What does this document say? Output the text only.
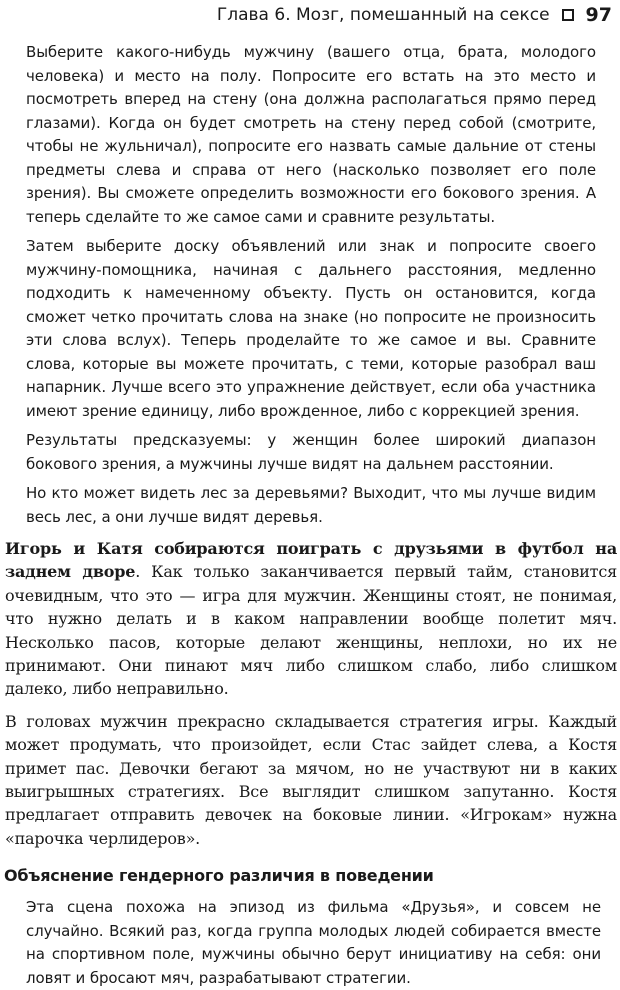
Глава 6. Мозг, помешанный на сексе 97

Выберите какого-нибудь мужчину (вашего отца, брата, молодого человека) и место на полу. Попросите его встать на это место и посмотреть вперед на стену (она должна располагаться прямо перед глазами). Когда он будет смотреть на стену перед собой (смотрите, чтобы не жульничал), попросите его назвать самые дальние от стены предметы слева и справа от него (насколько позволяет его поле зрения). Вы сможете определить возможности его бокового зрения. А теперь сделайте то же самое сами и сравните результаты.

Затем выберите доску объявлений или знак и попросите своего мужчину-помощника, начиная с дальнего расстояния, медленно подходить к намеченному объекту. Пусть он остановится, когда сможет четко прочитать слова на знаке (но попросите не произносить эти слова вслух). Теперь проделайте то же самое и вы. Сравните слова, которые вы можете прочитать, с теми, которые разобрал ваш напарник. Лучше всего это упражнение действует, если оба участника имеют зрение единицу, либо врожденное, либо с коррекцией зрения.

Результаты предсказуемы: у женщин более широкий диапазон бокового зрения, а мужчины лучше видят на дальнем расстоянии.

Но кто может видеть лес за деревьями? Выходит, что мы лучше видим весь лес, а они лучше видят деревья.

Игорь и Катя собираются поиграть с друзьями в футбол на заднем дворе. Как только заканчивается первый тайм, становится очевидным, что это — игра для мужчин. Женщины стоят, не понимая, что нужно делать и в каком направлении вообще полетит мяч. Несколько пасов, которые делают женщины, неплохи, но их не принимают. Они пинают мяч либо слишком слабо, либо слишком далеко, либо неправильно.

В головах мужчин прекрасно складывается стратегия игры. Каждый может продумать, что произойдет, если Стас зайдет слева, а Костя примет пас. Девочки бегают за мячом, но не участвуют ни в каких выигрышных стратегиях. Все выглядит слишком запутанно. Костя предлагает отправить девочек на боковые линии. «Игрокам» нужна «парочка черлидеров».

Объяснение гендерного различия в поведении

Эта сцена похожа на эпизод из фильма «Друзья», и совсем не случайно. Всякий раз, когда группа молодых людей собирается вместе на спортивном поле, мужчины обычно берут инициативу на себя: они ловят и бросают мяч, разрабатывают стратегии.
